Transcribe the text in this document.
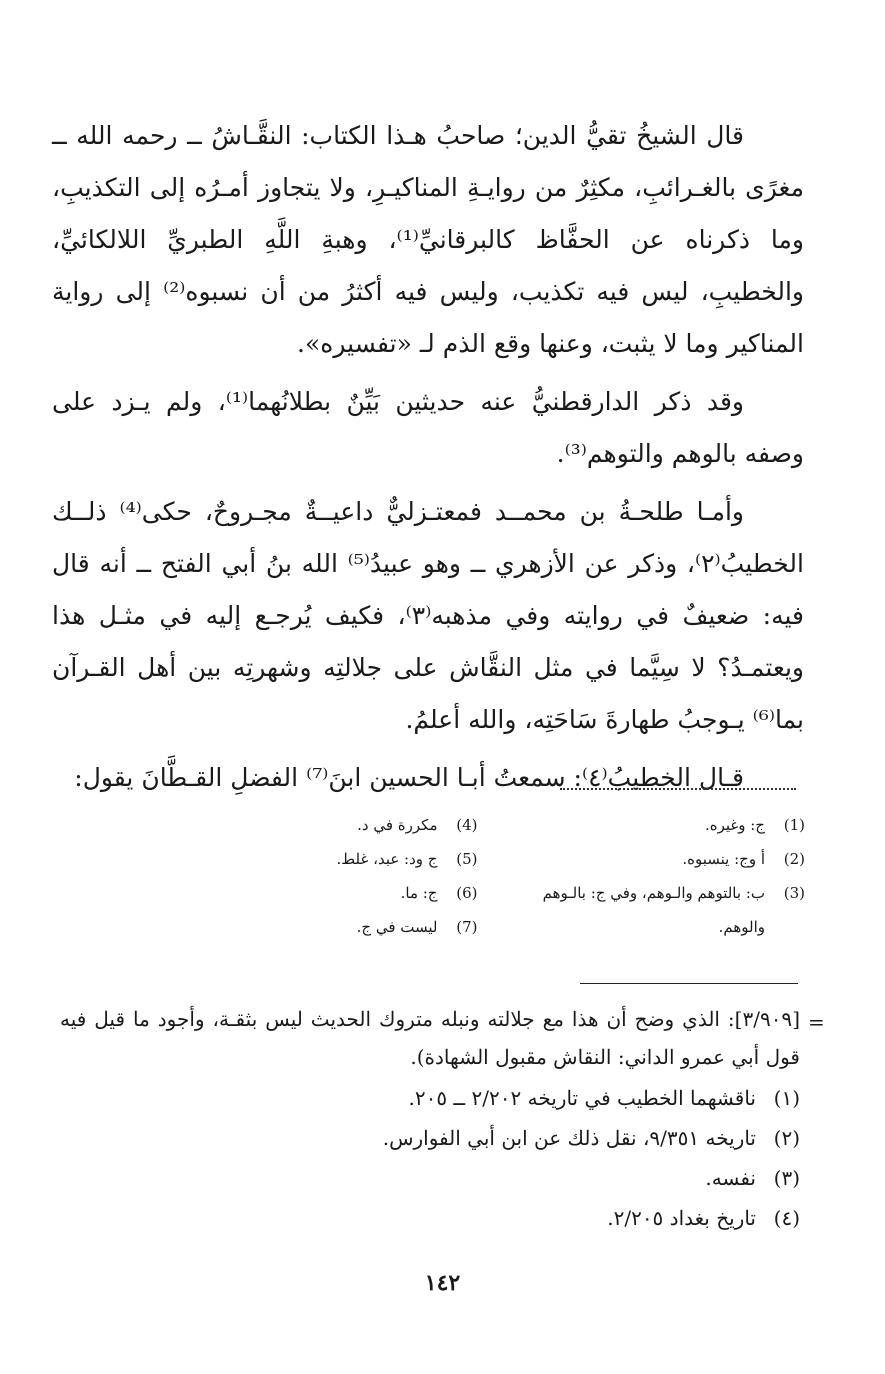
قال الشيخُ تقيُّ الدين؛ صاحبُ هـذا الكتاب: النقَّـاشُ ــ رحمه الله ــ مغرًى بالغـرائبِ، مكثِرٌ من روايـةِ المناكيـرِ، ولا يتجاوز أمـرُه إلى التكذيبِ، وما ذكرناه عن الحفَّاظ كالبرقانيِّ⁽¹⁾، وهبةِ اللَّهِ الطبريِّ اللالكائيِّ، والخطيبِ، ليس فيه تكذيب، وليس فيه أكثرُ من أن نسبوه⁽²⁾ إلى رواية المناكير وما لا يثبت، وعنها وقع الذم لـ «تفسيره».

وقد ذكر الدارقطنيُّ عنه حديثين بَيِّنٌ بطلانُهما⁽¹⁾، ولم يـزد على وصفه بالوهم والتوهم⁽³⁾.

وأمـا طلحـةُ بن محمــد فمعتـزليٌّ داعيــةٌ مجـروحٌ، حكى⁽⁴⁾ ذلــك الخطيبُ⁽٢⁾، وذكر عن الأزهري ــ وهو عبيدُ⁽⁵⁾ الله بنُ أبي الفتح ــ أنه قال فيه: ضعيفٌ في روايته وفي مذهبه⁽٣⁾، فكيف يُرجـع إليه في مثـل هذا ويعتمـدُ؟ لا سِيَّما في مثل النقَّاش على جلالتِه وشهرتِه بين أهل القـرآن بما⁽⁶⁾ يـوجبُ طهارةَ سَاحَتِه، والله أعلمُ.

قـال الخطيبُ⁽٤⁾: سمعتُ أبـا الحسين ابنَ⁽⁷⁾ الفضلِ القـطَّانَ يقول:

(1)
ج: وغيره.
(2)
أ وج: ينسبوه.
(3)
ب: بالتوهم والـوهم، وفي ج: بالـوهم والوهم.
(4)
مكررة في د.
(5)
ج ود: عبد، غلط.
(6)
ج: ما.
(7)
ليست في ج.
=

[٣/٩٠٩]: الذي وضح أن هذا مع جلالته ونبله متروك الحديث ليس بثقـة، وأجود ما قيل فيه قول أبي عمرو الداني: النقاش مقبول الشهادة).

(١)
ناقشهما الخطيب في تاريخه ٢/٢٠٢ ــ ٢٠٥.
(٢)
تاريخه ٩/٣٥١، نقل ذلك عن ابن أبي الفوارس.
(٣)
نفسه.
(٤)
تاريخ بغداد ٢/٢٠٥.
١٤٢
